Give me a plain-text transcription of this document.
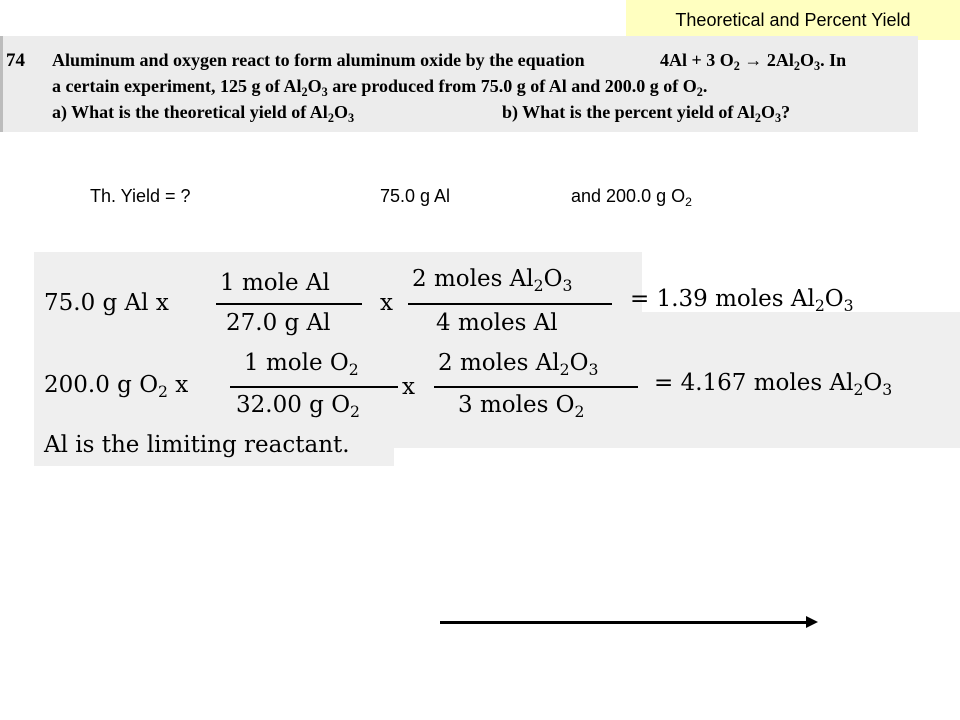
Theoretical and Percent Yield
74 Aluminum and oxygen react to form aluminum oxide by the equation	4Al + 3 $O_2 \to 2Al_2O_3$. In
a certain experiment, 125 g of $Al_2O_3$ are produced from 75.0 g of Al and 200.0 g of $O_2$.
a) What is the theoretical yield of $Al_2O_3$	b) What is the percent yield of $Al_2O_3$?
Th. Yield = ?	75.0 g Al	and 200.0 g $O_2$
75.0 g Al x
1 mole Al
27.0 g Al
x
2 moles $Al_2O_3$
4 moles Al
= 1.39 moles $Al_2O_3$
200.0 g $O_2$ x
1 mole $O_2$
32.00 g $O_2$
x
2 moles $Al_2O_3$
3 moles $O_2$
= 4.167 moles $Al_2O_3$
Al is the limiting reactant.
